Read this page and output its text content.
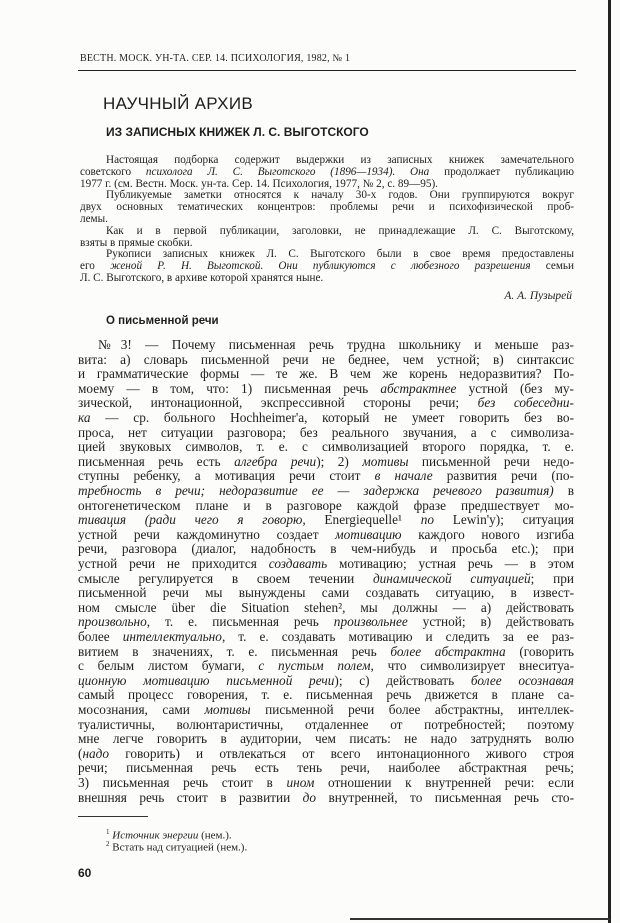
ВЕСТН. МОСК. УН-ТА. СЕР. 14. ПСИХОЛОГИЯ, 1982, № 1
НАУЧНЫЙ АРХИВ
ИЗ ЗАПИСНЫХ КНИЖЕК Л. С. ВЫГОТСКОГО
Настоящая подборка содержит выдержки из записных книжек замечательного
советского психолога Л. С. Выготского (1896—1934). Она продолжает публикацию
1977 г. (см. Вестн. Моск. ун-та. Сер. 14. Психология, 1977, № 2, с. 89—95).
Публикуемые заметки относятся к началу 30-х годов. Они группируются вокруг
двух основных тематических концентров: проблемы речи и психофизической проб-
лемы.
Как и в первой публикации, заголовки, не принадлежащие Л. С. Выготскому,
взяты в прямые скобки.
Рукописи записных книжек Л. С. Выготского были в свое время предоставлены
его женой Р. Н. Выготской. Они публикуются с любезного разрешения семьи
Л. С. Выготского, в архиве которой хранятся ныне.
А. А. Пузырей
О письменной речи
№3! — Почему письменная речь трудна школьнику и меньше раз-
вита: а) словарь письменной речи не беднее, чем устной; в) синтаксис
и грамматические формы — те же. В чем же корень недоразвития? По-
моему — в том, что: 1) письменная речь абстрактнее устной (без му-
зической, интонационной, экспрессивной стороны речи; без собеседни-
ка — ср. больного Hochheimer'a, который не умеет говорить без во-
проса, нет ситуации разговора; без реального звучания, а с символиза-
цией звуковых символов, т. е. с символизацией второго порядка, т. е.
письменная речь есть алгебра речи); 2) мотивы письменной речи недо-
ступны ребенку, а мотивация речи стоит в начале развития речи (по-
требность в речи; недоразвитие ее — задержка речевого развития) в
онтогенетическом плане и в разговоре каждой фразе предшествует мо-
тивация (ради чего я говорю, Energiequelle¹ по Lewin'y); ситуация
устной речи каждоминутно создает мотивацию каждого нового изгиба
речи, разговора (диалог, надобность в чем-нибудь и просьба etc.); при
устной речи не приходится создавать мотивацию; устная речь — в этом
смысле регулируется в своем течении динамической ситуацией; при
письменной речи мы вынуждены сами создавать ситуацию, в извест-
ном смысле über die Situation stehen², мы должны — а) действовать
произвольно, т. е. письменная речь произвольнее устной; в) действовать
более интеллектуально, т. е. создавать мотивацию и следить за ее раз-
витием в значениях, т. е. письменная речь более абстрактна (говорить
с белым листом бумаги, с пустым полем, что символизирует внеситуа-
ционную мотивацию письменной речи); с) действовать более осознавая
самый процесс говорения, т. е. письменная речь движется в плане са-
мосознания, сами мотивы письменной речи более абстрактны, интеллек-
туалистичны, волюнтаристичны, отдаленнее от потребностей; поэтому
мне легче говорить в аудитории, чем писать: не надо затруднять волю
(надо говорить) и отвлекаться от всего интонационного живого строя
речи; письменная речь есть тень речи, наиболее абстрактная речь;
3) письменная речь стоит в ином отношении к внутренней речи: если
внешняя речь стоит в развитии до внутренней, то письменная речь сто-
$^1$ Источник энергии (нем.).
$^2$ Встать над ситуацией (нем.).
60
